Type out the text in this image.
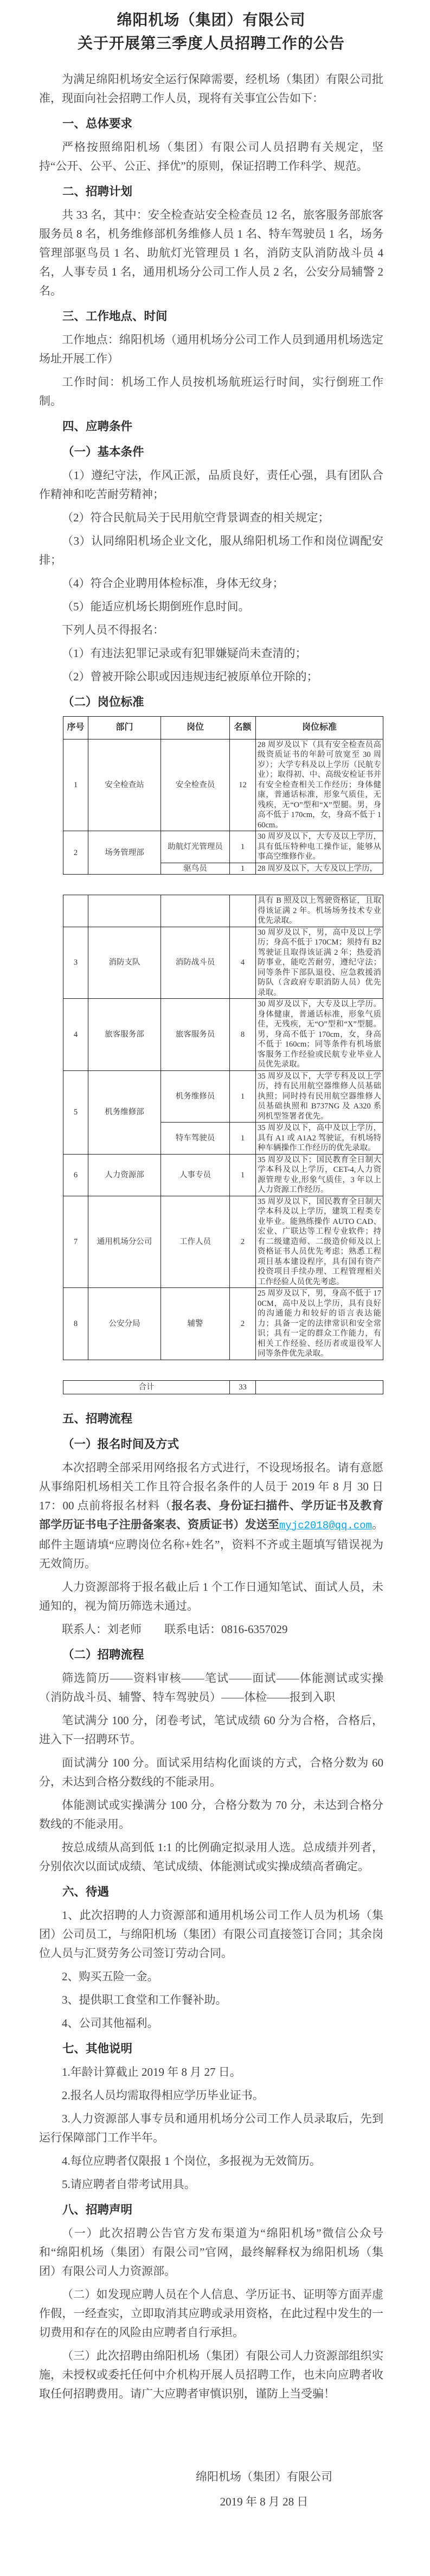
绵阳机场（集团）有限公司
关于开展第三季度人员招聘工作的公告

为满足绵阳机场安全运行保障需要，经机场（集团）有限公司批准，现面向社会招聘工作人员，现将有关事宜公告如下：

一、总体要求

严格按照绵阳机场（集团）有限公司人员招聘有关规定，坚持“公开、公平、公正、择优”的原则，保证招聘工作科学、规范。

二、招聘计划

共 33 名，其中：安全检查站安全检查员 12 名，旅客服务部旅客服务员 8 名，机务维修部机务维修人员 1 名、特车驾驶员 1 名，场务管理部驱鸟员 1 名、助航灯光管理员 1 名，消防支队消防战斗员 4 名，人事专员 1 名，通用机场分公司工作人员 2 名，公安分局辅警 2 名。

三、工作地点、时间

工作地点：绵阳机场（通用机场分公司工作人员到通用机场选定场址开展工作）

工作时间：机场工作人员按机场航班运行时间，实行倒班工作制。

四、应聘条件
（一）基本条件

（1）遵纪守法，作风正派，品质良好，责任心强，具有团队合作精神和吃苦耐劳精神；

（2）符合民航局关于民用航空背景调查的相关规定；

（3）认同绵阳机场企业文化，服从绵阳机场工作和岗位调配安排；

（4）符合企业聘用体检标准，身体无纹身；

（5）能适应机场长期倒班作息时间。

下列人员不得报名：

（1）有违法犯罪记录或有犯罪嫌疑尚未查清的；

（2）曾被开除公职或因违规违纪被原单位开除的；

（二）岗位标准
序号	部门	岗位	名额	岗位标准
1	安全检查站	安全检查员	12	28 周岁及以下（具有安全检查员高级资质证书的年龄可放宽至 30 周岁）；大学专科及以上学历（民航专业）；取得初、中、高级安检证书并有安全检查相关工作经历；身体健康，普通话标准，形象气质佳，无残疾，无“O”型和“X”型腿。男，身高不低于 170cm，女，身高不低于 160cm。
2	场务管理部	助航灯光管理员	1	30 周岁及以下，大专及以上学历，具有低压特种电工操作证，能够从事高空维修作业。
		驱鸟员	1	28 周岁及以下，大专及以上学历，
				具有 B 照及以上驾驶资格证，且取得该证满 2 年。机场场务技术专业优先录取。
3	消防支队	消防战斗员	4	30 周岁及以下，男，高中及以上学历；身高不低于 170CM；须持有 B2 驾驶证且取得该证满 2 年；热爱消防事业，能吃苦耐劳，遵纪守法；同等条件下部队退役、应急救援消防队（含政府专职消防人员）优先录取。
4	旅客服务部	旅客服务员	8	30 周岁及以下，大专及以上学历。身体健康，普通话标准，形象气质佳，无残疾，无“O”型和“X”型腿。男，身高不低于 170cm，女，身高不低于 160cm；同等条件有机场旅客服务工作经验或民航专业毕业人员优先录取。
5	机务维修部	机务维修员	1	35 周岁及以下，大学专科及以上学历，持有民用航空器维修人员基础执照；同时持有民用航空器维修人员基础执照和 B737NG 及 A320 系列机型签署者优先。
		特车驾驶员	1	35 周岁及以下，高中及以上学历，具有 A1 或 A1A2 驾驶证，有机场特种车辆操作工作经历的优先录取。
6	人力资源部	人事专员	1	35 周岁及以下；国民教育全日制大学本科及以上学历，CET-4,人力资源管理专业,形象气质佳，3 年以上人力资源工作经历。
7	通用机场分公司	工作人员	2	35 周岁及以下，国民教育全日制大学本科及以上学历，建筑工程类专业毕业。能熟练操作 AUTO CAD、宏业、广联达等工程专业软件；持有二级建造师、二级造价师及以上资格证书人员优先考虑；熟悉工程项目基本建设程序，具有国有资产投资项目手续办理、工程管理相关工作经验人员优先考虑。
8	公安分局	辅警	2	25 周岁及以下，男，身高不低于 170CM，高中及以上学历，具有良好的沟通能力和较好的语言表达能力；具备一定的法律常识和安全常识；具有一定的群众工作能力，有相关工作经验、经历者或退役军人同等条件优先录取。
合计	33	
五、招聘流程
（一）报名时间及方式

本次招聘全部采用网络报名方式进行，不设现场报名。请有意愿从事绵阳机场相关工作且符合报名条件的人员于 2019 年 8 月 30 日 17：00 点前将报名材料（报名表、身份证扫描件、学历证书及教育部学历证书电子注册备案表、资质证书）发送至myjc2018@qq.com。邮件主题请填“应聘岗位名称+姓名”，资料不齐或主题填写错误视为无效简历。

人力资源部将于报名截止后 1 个工作日通知笔试、面试人员，未通知的，视为简历筛选未通过。

联系人：刘老师　　联系电话：0816-6357029

（二）招聘流程

筛选简历——资料审核——笔试——面试——体能测试或实操（消防战斗员、辅警、特车驾驶员）——体检——报到入职

笔试满分 100 分，闭卷考试，笔试成绩 60 分为合格，合格后，进入下一招聘环节。

面试满分 100 分。面试采用结构化面谈的方式，合格分数为 60 分，未达到合格分数线的不能录用。

体能测试或实操满分 100 分，合格分数为 70 分，未达到合格分数线的不能录用。

按总成绩从高到低 1:1 的比例确定拟录用人选。总成绩并列者，分别依次以面试成绩、笔试成绩、体能测试或实操成绩高者确定。

六、待遇

1、此次招聘的人力资源部和通用机场公司工作人员为机场（集团）公司员工，与绵阳机场（集团）有限公司直接签订合同；其余岗位人员与汇贤劳务公司签订劳动合同。

2、购买五险一金。

3、提供职工食堂和工作餐补助。

4、公司其他福利。

七、其他说明

1.年龄计算截止 2019 年 8 月 27 日。

2.报名人员均需取得相应学历毕业证书。

3.人力资源部人事专员和通用机场分公司工作人员录取后，先到运行保障部门工作半年。

4.每位应聘者仅限报 1 个岗位，多报视为无效简历。

5.请应聘者自带考试用具。

八、招聘声明

（一）此次招聘公告官方发布渠道为“绵阳机场”微信公众号和“绵阳机场（集团）有限公司”官网，最终解释权为绵阳机场（集团）有限公司人力资源部。

（二）如发现应聘人员在个人信息、学历证书、证明等方面弄虚作假，一经查实，立即取消其应聘或录用资格，在此过程中发生的一切费用和存在的风险由应聘者自行承担。

（三）此次招聘由绵阳机场（集团）有限公司人力资源部组织实施，未授权或委托任何中介机构开展人员招聘工作，也未向应聘者收取任何招聘费用。请广大应聘者审慎识别，谨防上当受骗！

绵阳机场（集团）有限公司
2019 年 8 月 28 日
